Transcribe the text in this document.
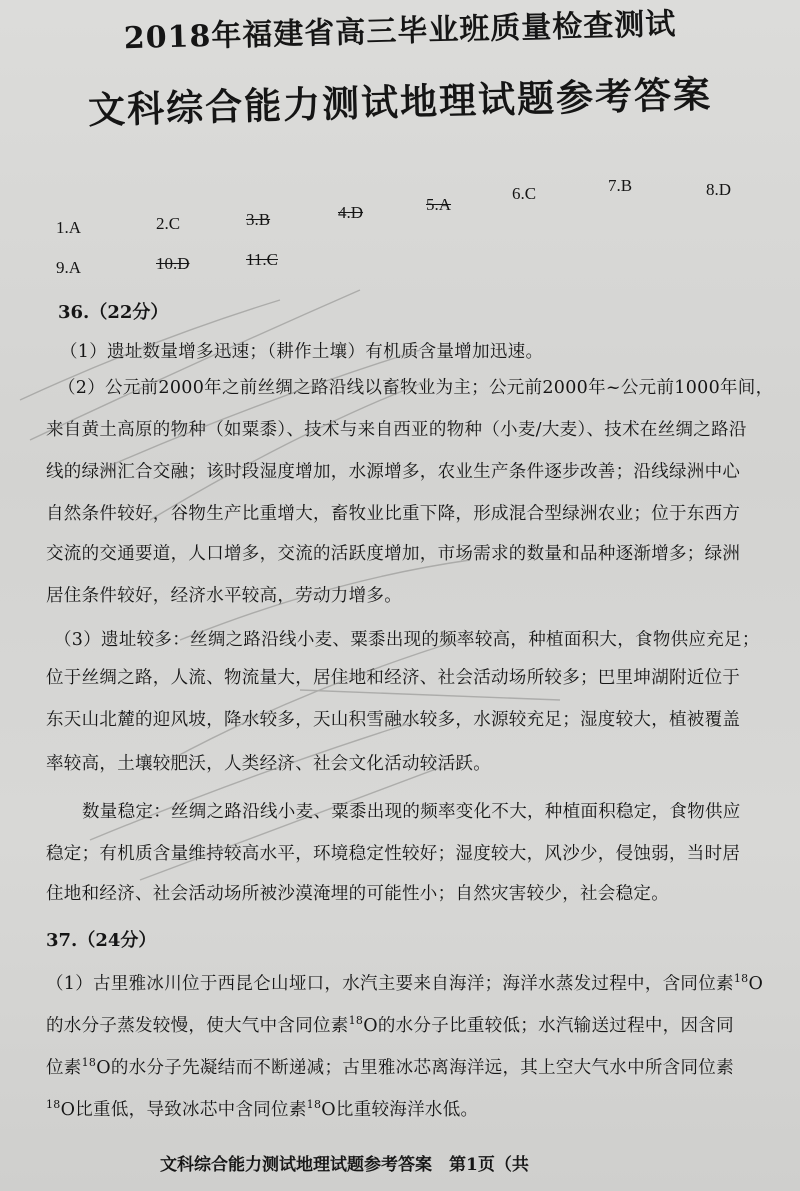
2018年福建省高三毕业班质量检查测试
文科综合能力测试地理试题参考答案
1.A	2.C	3.B	4.D	5.A
6.C	7.B	8.D
9.A	10.D	11.C
36.（22分）
（1）遗址数量增多迅速；（耕作土壤）有机质含量增加迅速。
（2）公元前2000年之前丝绸之路沿线以畜牧业为主；公元前2000年~公元前1000年间，
来自黄土高原的物种（如粟黍）、技术与来自西亚的物种（小麦/大麦）、技术在丝绸之路沿
线的绿洲汇合交融；该时段湿度增加，水源增多，农业生产条件逐步改善；沿线绿洲中心
自然条件较好，谷物生产比重增大，畜牧业比重下降，形成混合型绿洲农业；位于东西方
交流的交通要道，人口增多，交流的活跃度增加，市场需求的数量和品种逐渐增多；绿洲
居住条件较好，经济水平较高，劳动力增多。
（3）遗址较多：丝绸之路沿线小麦、粟黍出现的频率较高，种植面积大，食物供应充足；
位于丝绸之路，人流、物流量大，居住地和经济、社会活动场所较多；巴里坤湖附近位于
东天山北麓的迎风坡，降水较多，天山积雪融水较多，水源较充足；湿度较大，植被覆盖
率较高，土壤较肥沃，人类经济、社会文化活动较活跃。
数量稳定：丝绸之路沿线小麦、粟黍出现的频率变化不大，种植面积稳定，食物供应
稳定；有机质含量维持较高水平，环境稳定性较好；湿度较大，风沙少，侵蚀弱，当时居
住地和经济、社会活动场所被沙漠淹埋的可能性小；自然灾害较少，社会稳定。
37.（24分）
（1）古里雅冰川位于西昆仑山垭口，水汽主要来自海洋；海洋水蒸发过程中，含同位素$^{18}$O
的水分子蒸发较慢，使大气中含同位素$^{18}$O的水分子比重较低；水汽输送过程中，因含同
位素$^{18}$O的水分子先凝结而不断递减；古里雅冰芯离海洋远，其上空大气水中所含同位素
$^{18}$O比重低，导致冰芯中含同位素$^{18}$O比重较海洋水低。
文科综合能力测试地理试题参考答案　第1页（共
